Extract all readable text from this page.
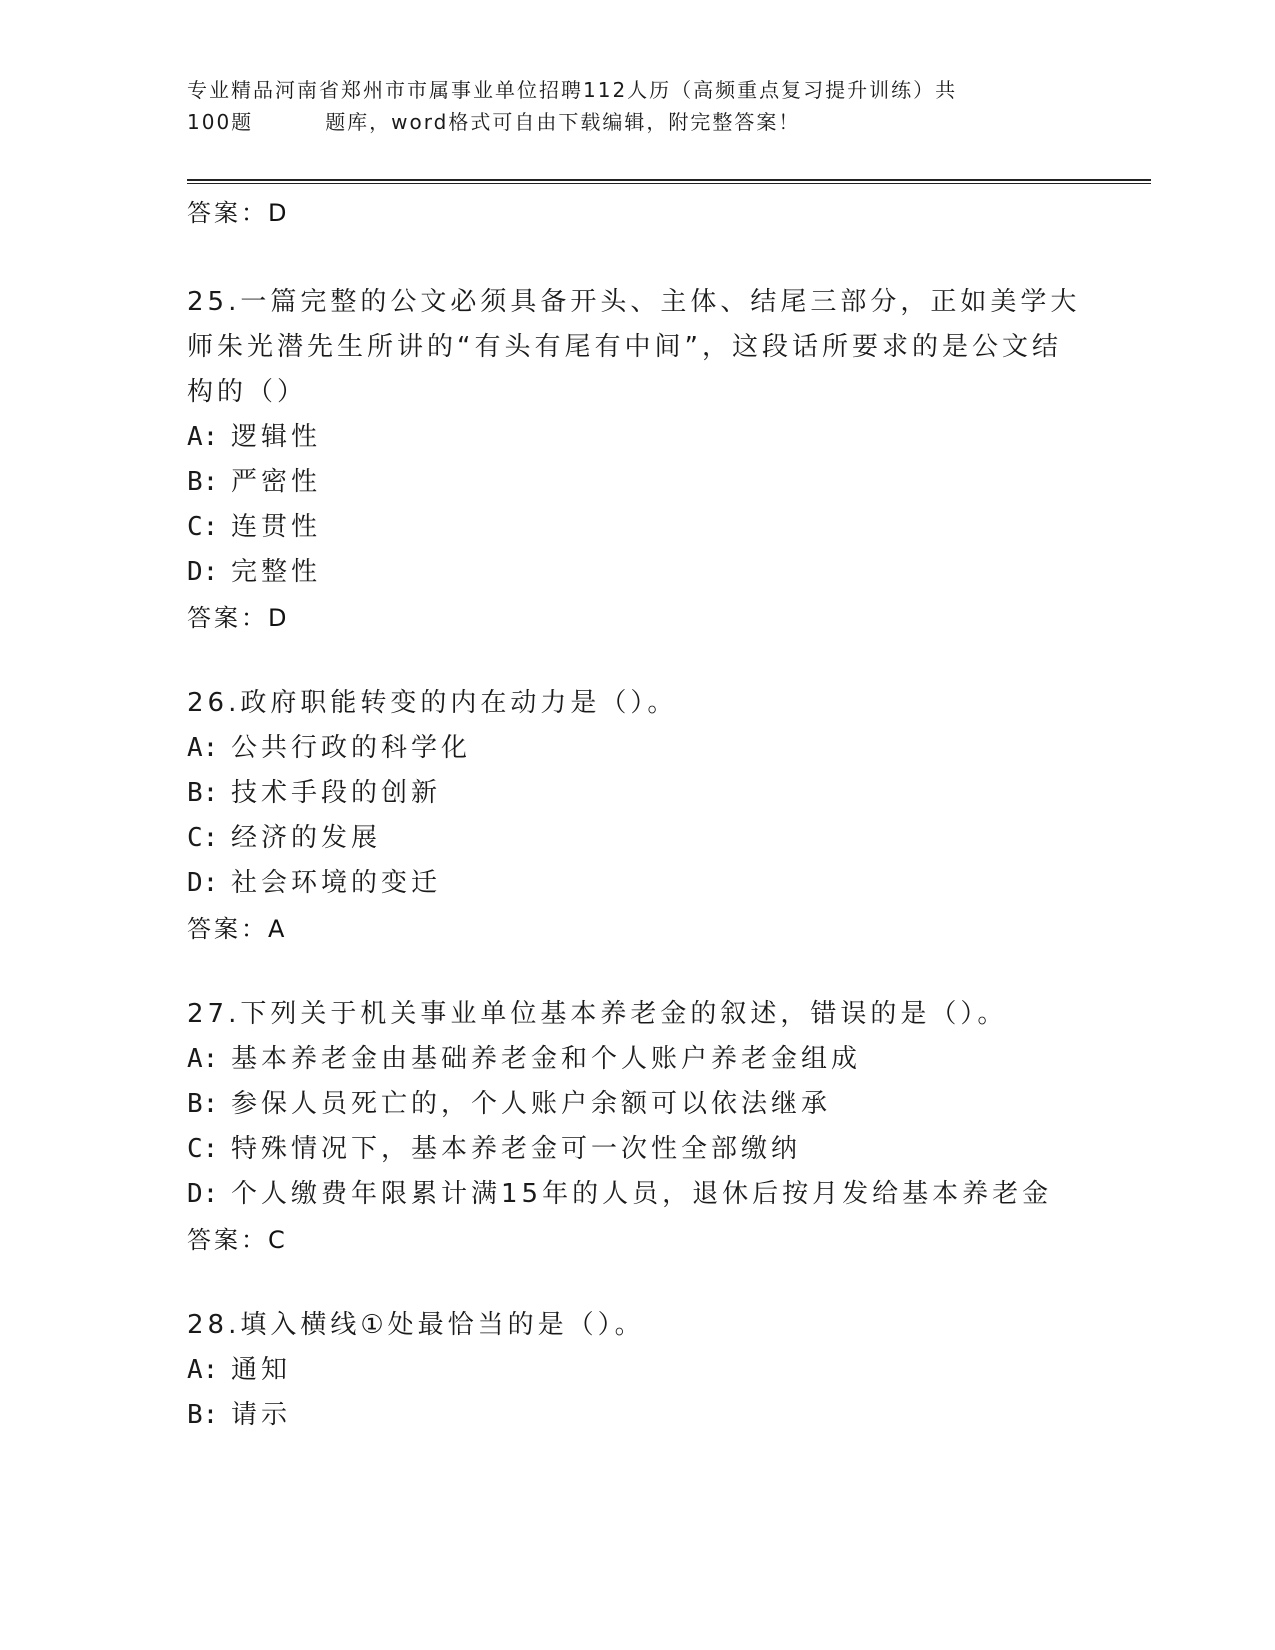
专业精品河南省郑州市市属事业单位招聘112人历（高频重点复习提升训练）共
100题	题库，word格式可自由下载编辑，附完整答案！
答案：D
25.一篇完整的公文必须具备开头、主体、结尾三部分，正如美学大师朱光潜先生所讲的“有头有尾有中间”，这段话所要求的是公文结构的（）
A: 逻辑性
B: 严密性
C: 连贯性
D: 完整性
答案：D
26.政府职能转变的内在动力是（）。
A: 公共行政的科学化
B: 技术手段的创新
C: 经济的发展
D: 社会环境的变迁
答案：A
27.下列关于机关事业单位基本养老金的叙述，错误的是（）。
A: 基本养老金由基础养老金和个人账户养老金组成
B: 参保人员死亡的，个人账户余额可以依法继承
C: 特殊情况下，基本养老金可一次性全部缴纳
D: 个人缴费年限累计满15年的人员，退休后按月发给基本养老金
答案：C
28.填入横线①处最恰当的是（）。
A: 通知
B: 请示
